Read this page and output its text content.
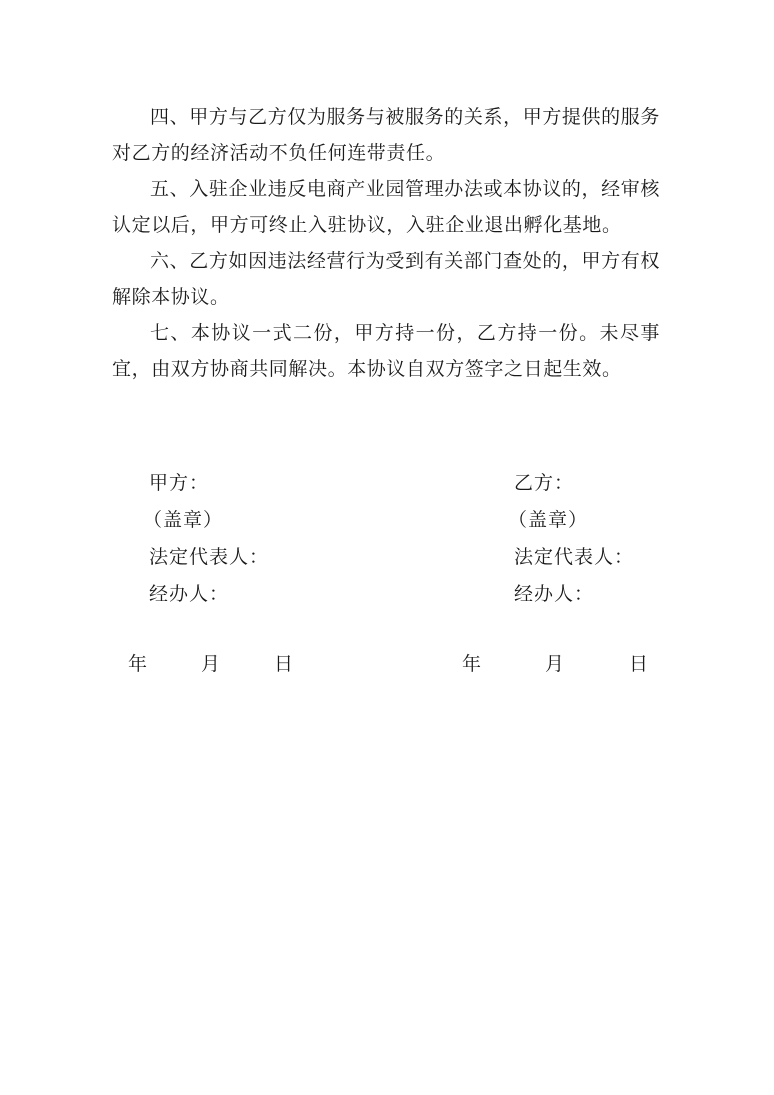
四、甲方与乙方仅为服务与被服务的关系，甲方提供的服务对乙方的经济活动不负任何连带责任。

五、入驻企业违反电商产业园管理办法或本协议的，经审核认定以后，甲方可终止入驻协议，入驻企业退出孵化基地。

六、乙方如因违法经营行为受到有关部门查处的，甲方有权解除本协议。

七、本协议一式二份，甲方持一份，乙方持一份。未尽事宜，由双方协商共同解决。本协议自双方签字之日起生效。

甲方：
（盖章）
法定代表人：
经办人：
乙方：
（盖章）
法定代表人：
经办人：
年	月	日	年	月	日
